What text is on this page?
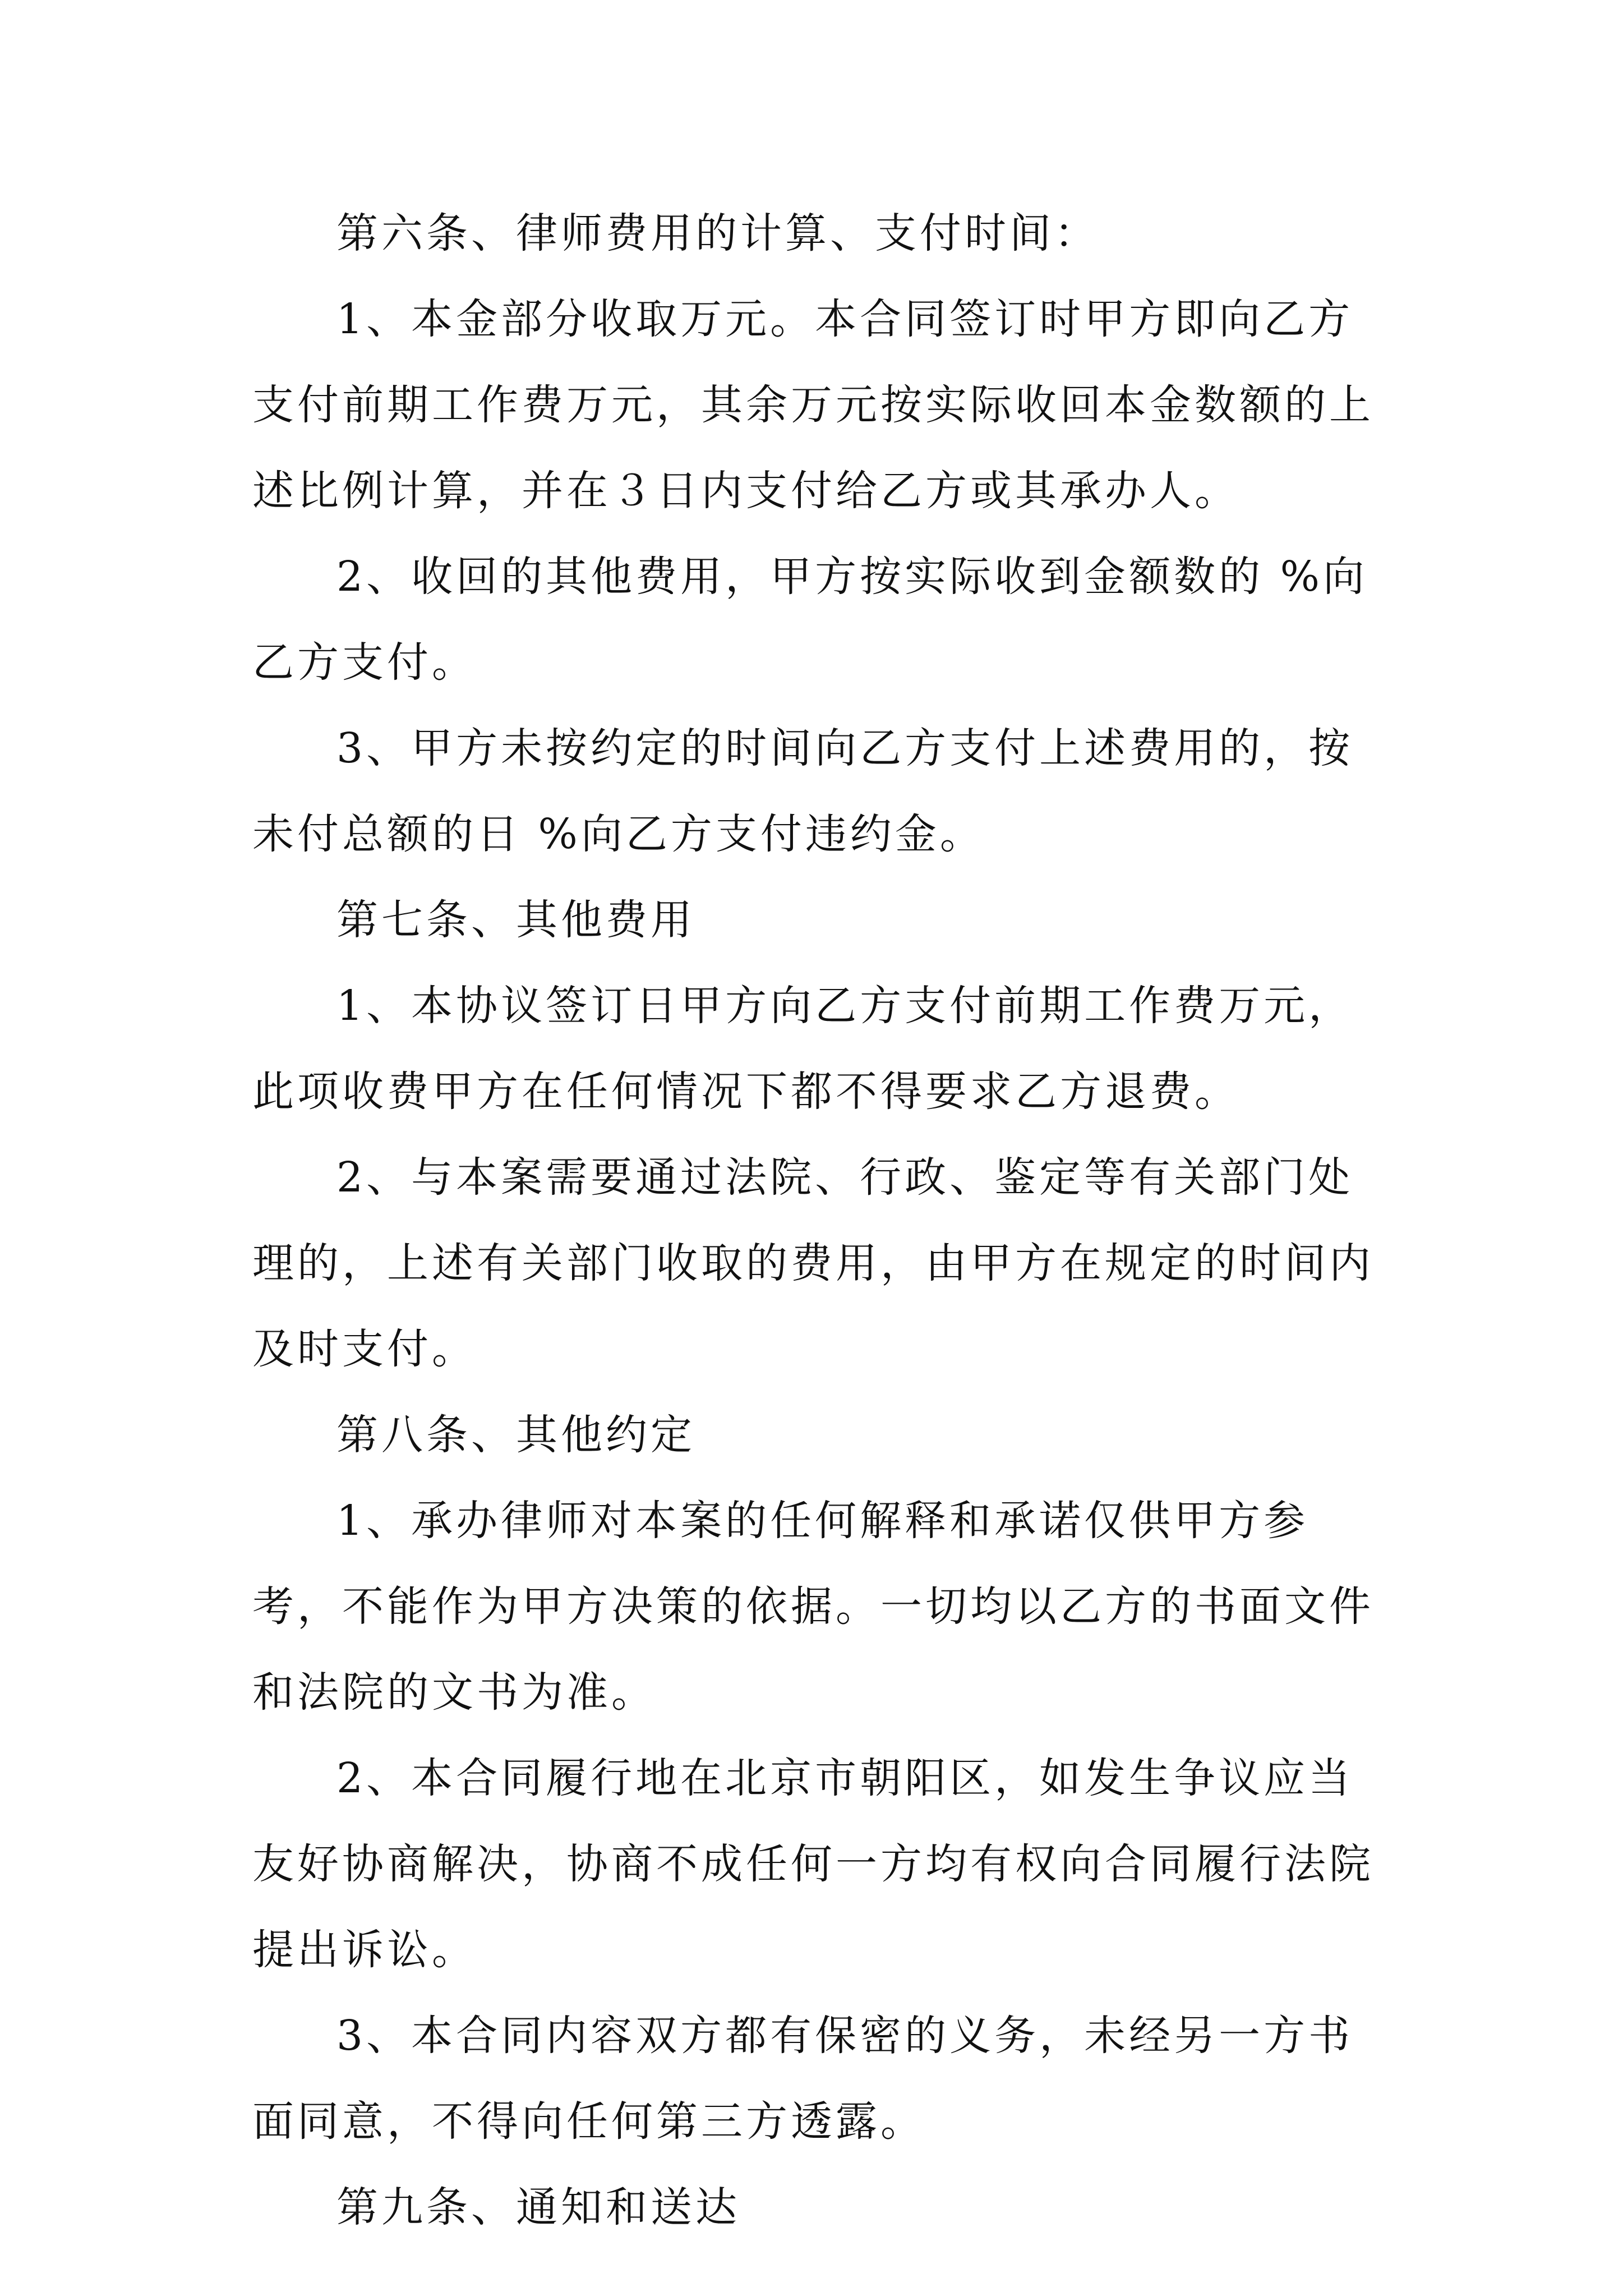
第六条、律师费用的计算、支付时间：

1、本金部分收取万元。本合同签订时甲方即向乙方支付前期工作费万元，其余万元按实际收回本金数额的上述比例计算，并在３日内支付给乙方或其承办人。

2、收回的其他费用，甲方按实际收到金额数的 %向乙方支付。

3、甲方未按约定的时间向乙方支付上述费用的，按未付总额的日 %向乙方支付违约金。

第七条、其他费用

1、本协议签订日甲方向乙方支付前期工作费万元，此项收费甲方在任何情况下都不得要求乙方退费。

2、与本案需要通过法院、行政、鉴定等有关部门处理的，上述有关部门收取的费用，由甲方在规定的时间内及时支付。

第八条、其他约定

1、承办律师对本案的任何解释和承诺仅供甲方参考，不能作为甲方决策的依据。一切均以乙方的书面文件和法院的文书为准。

2、本合同履行地在北京市朝阳区，如发生争议应当友好协商解决，协商不成任何一方均有权向合同履行法院提出诉讼。

3、本合同内容双方都有保密的义务，未经另一方书面同意，不得向任何第三方透露。

第九条、通知和送达
